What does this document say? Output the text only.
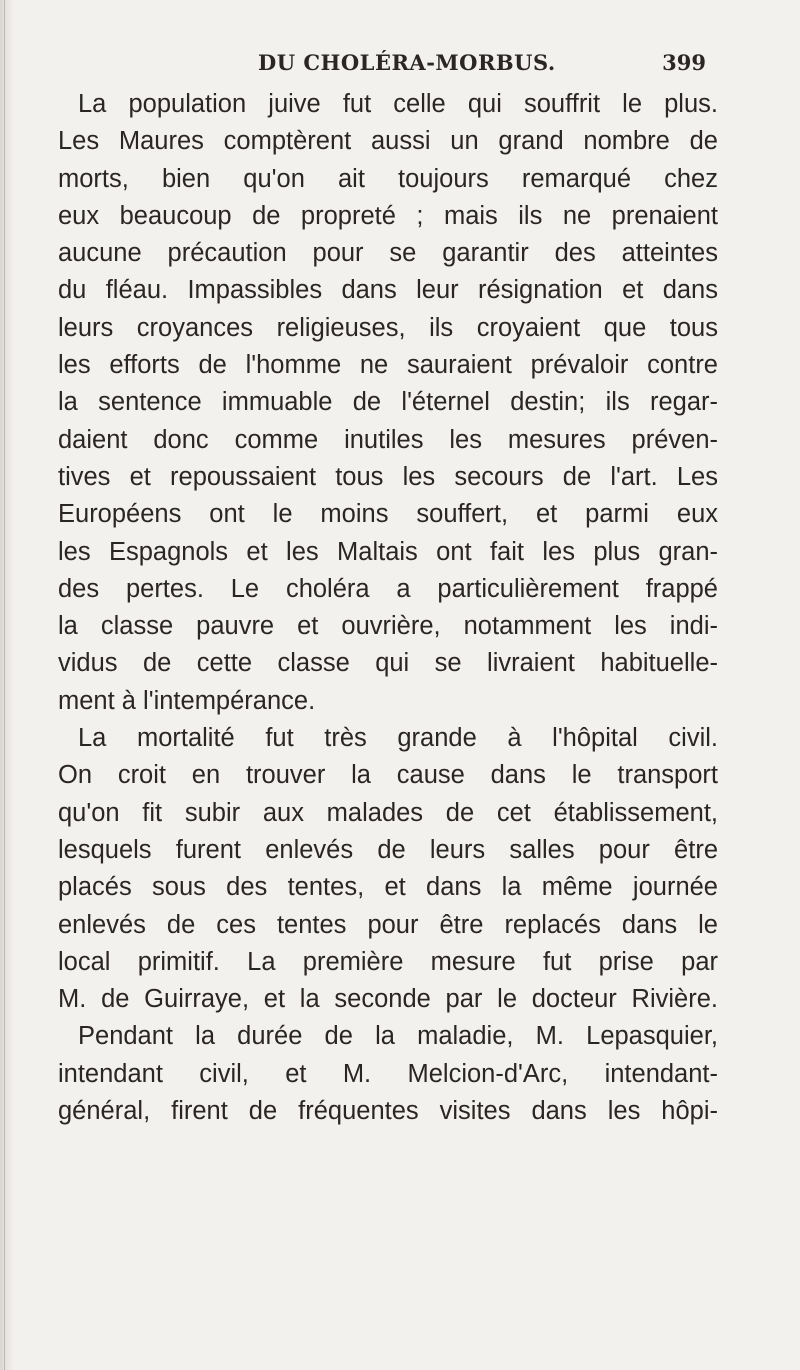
DU CHOLÉRA-MORBUS.	399
La population juive fut celle qui souffrit le plus.
Les Maures comptèrent aussi un grand nombre de
morts, bien qu'on ait toujours remarqué chez
eux beaucoup de propreté ; mais ils ne prenaient
aucune précaution pour se garantir des atteintes
du fléau. Impassibles dans leur résignation et dans
leurs croyances religieuses, ils croyaient que tous
les efforts de l'homme ne sauraient prévaloir contre
la sentence immuable de l'éternel destin; ils regar-
daient donc comme inutiles les mesures préven-
tives et repoussaient tous les secours de l'art. Les
Européens ont le moins souffert, et parmi eux
les Espagnols et les Maltais ont fait les plus gran-
des pertes. Le choléra a particulièrement frappé
la classe pauvre et ouvrière, notamment les indi-
vidus de cette classe qui se livraient habituelle-
ment à l'intempérance.
La mortalité fut très grande à l'hôpital civil.
On croit en trouver la cause dans le transport
qu'on fit subir aux malades de cet établissement,
lesquels furent enlevés de leurs salles pour être
placés sous des tentes, et dans la même journée
enlevés de ces tentes pour être replacés dans le
local primitif. La première mesure fut prise par
M. de Guirraye, et la seconde par le docteur Rivière.
Pendant la durée de la maladie, M. Lepasquier,
intendant civil, et M. Melcion-d'Arc, intendant-
général, firent de fréquentes visites dans les hôpi-
